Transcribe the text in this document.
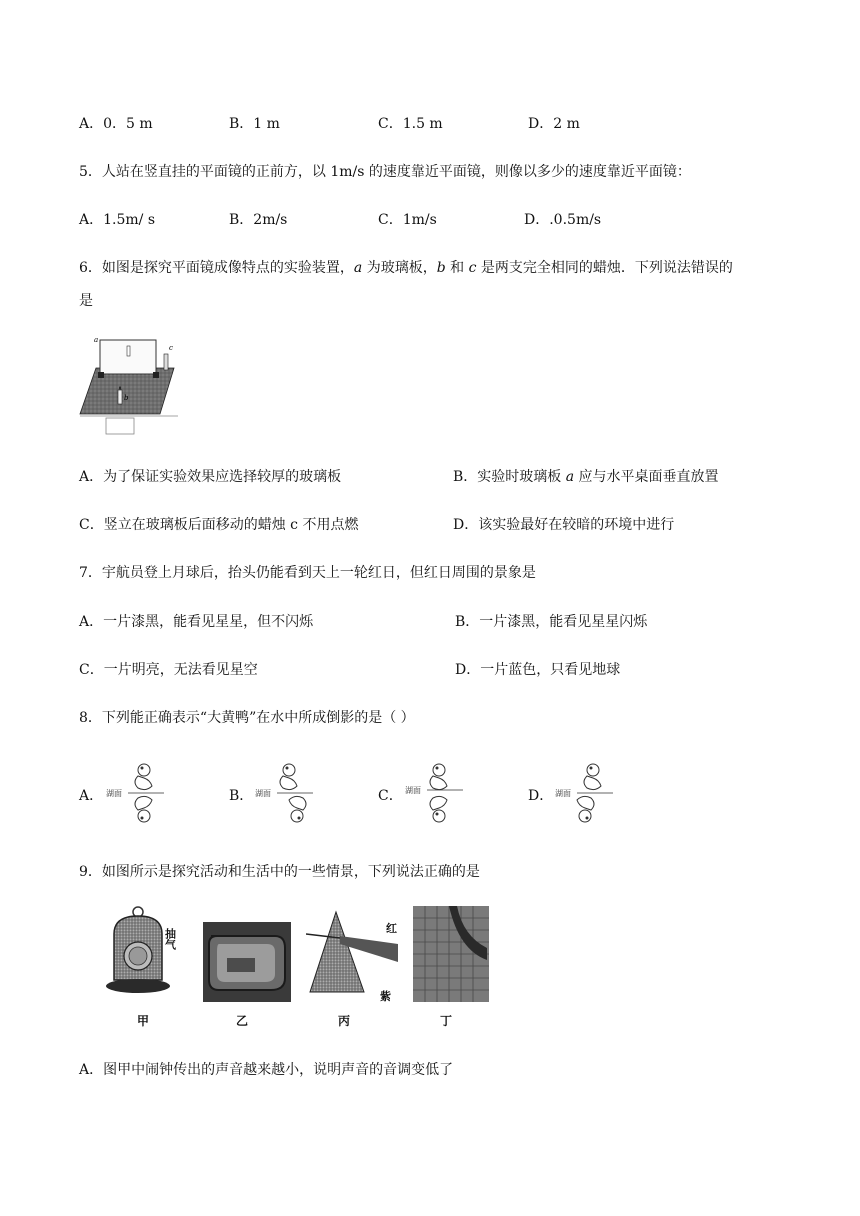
A．0．5 m	B．1 m	C．1.5 m	D．2 m
5．人站在竖直挂的平面镜的正前方，以 1m/s 的速度靠近平面镜，则像以多少的速度靠近平面镜：
A．1.5m/ s	B．2m/s	C．1m/s	D．.0.5m/s
6．如图是探究平面镜成像特点的实验装置，a 为玻璃板，b 和 c 是两支完全相同的蜡烛．下列说法错误的
是
a
c
b
A．为了保证实验效果应选择较厚的玻璃板	B．实验时玻璃板 a 应与水平桌面垂直放置
C．竖立在玻璃板后面移动的蜡烛 c 不用点燃	D．该实验最好在较暗的环境中进行
7．宇航员登上月球后，抬头仍能看到天上一轮红日，但红日周围的景象是
A．一片漆黑，能看见星星，但不闪烁	B．一片漆黑，能看见星星闪烁
C．一片明亮，无法看见星空	D．一片蓝色，只看见地球
8．下列能正确表示“大黄鸭”在水中所成倒影的是（ ）
A．	B．	C．	D．
湖面	湖面	湖面	湖面
9．如图所示是探究活动和生活中的一些情景，下列说法正确的是
抽气	红
紫
甲	乙	丙	丁
A．图甲中闹钟传出的声音越来越小，说明声音的音调变低了
